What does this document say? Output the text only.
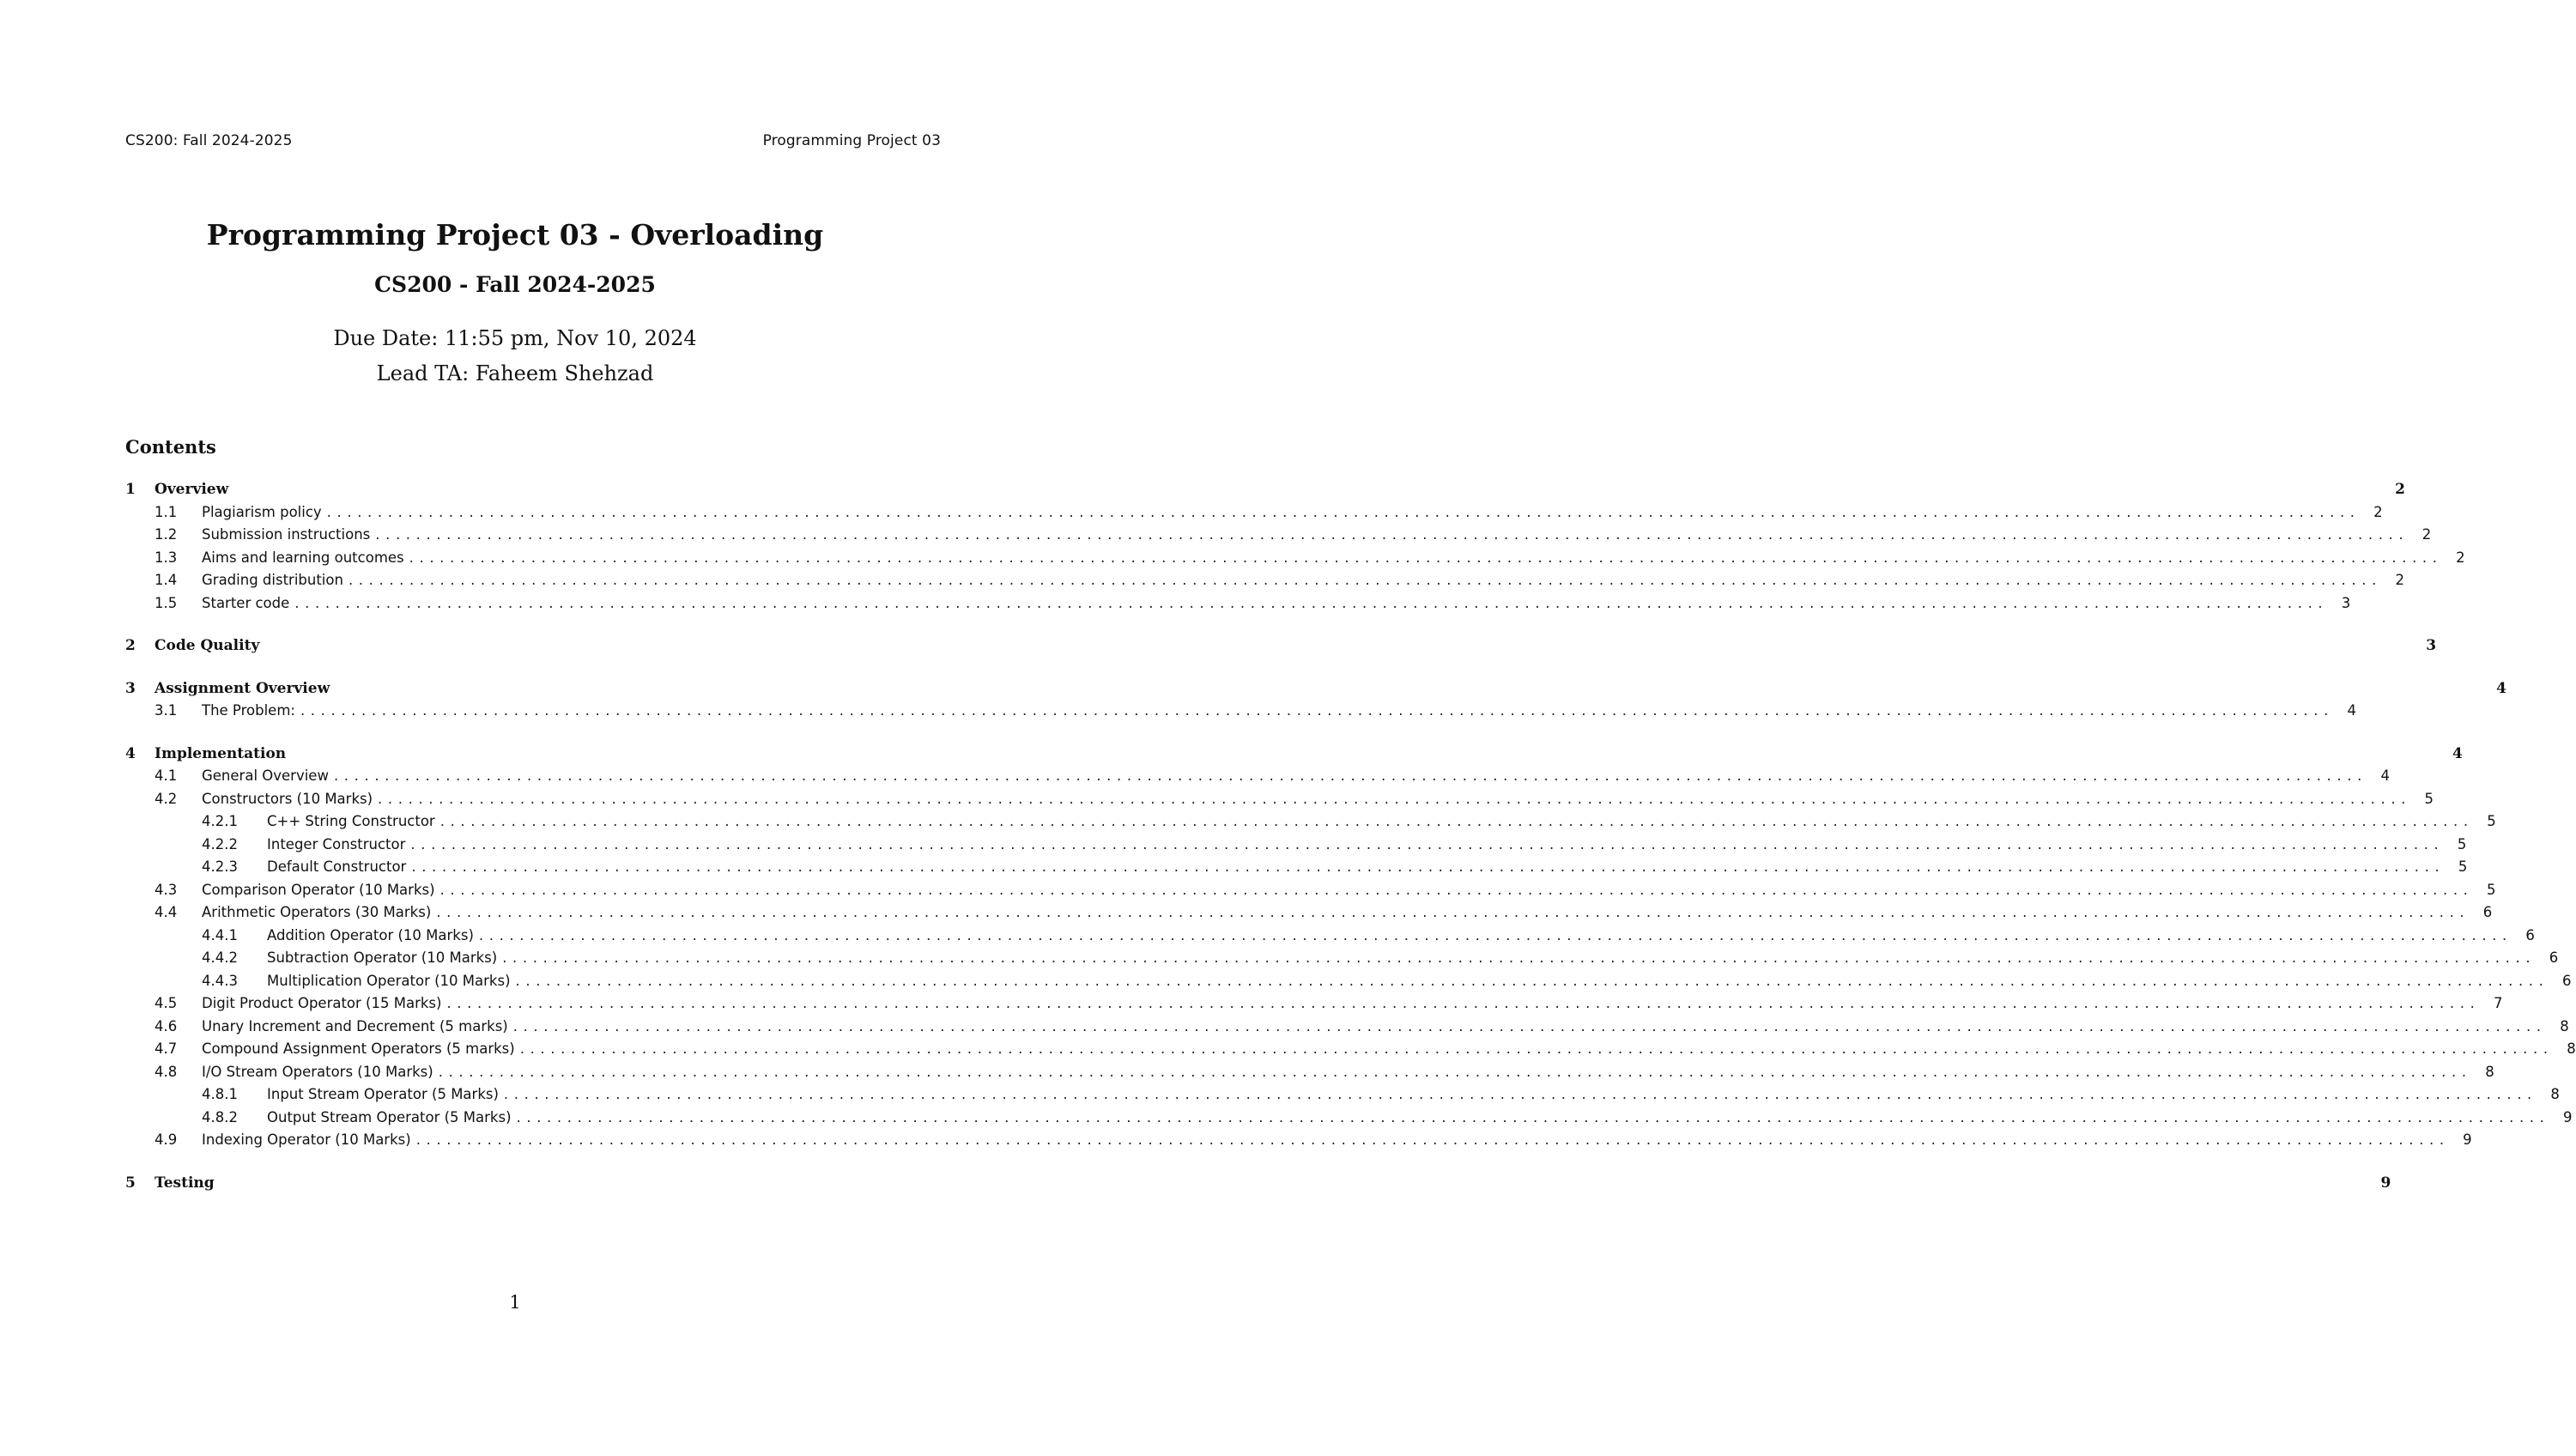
CS200: Fall 2024-2025	Programming Project 03
Programming Project 03 - Overloading
CS200 - Fall 2024-2025
Due Date: 11:55 pm, Nov 10, 2024
Lead TA: Faheem Shehzad
Contents
1	Overview	2
1.1	Plagiarism policy ........................................................................................................................................................................................................ 2
1.2	Submission instructions ........................................................................................................................................................................................................ 2
1.3	Aims and learning outcomes ........................................................................................................................................................................................................ 2
1.4	Grading distribution ........................................................................................................................................................................................................ 2
1.5	Starter code ........................................................................................................................................................................................................ 3
2	Code Quality	3
3	Assignment Overview	4
3.1	The Problem: ........................................................................................................................................................................................................ 4
4	Implementation	4
4.1	General Overview ........................................................................................................................................................................................................ 4
4.2	Constructors (10 Marks) ........................................................................................................................................................................................................ 5
4.2.1	C++ String Constructor ........................................................................................................................................................................................................ 5
4.2.2	Integer Constructor ........................................................................................................................................................................................................ 5
4.2.3	Default Constructor ........................................................................................................................................................................................................ 5
4.3	Comparison Operator (10 Marks) ........................................................................................................................................................................................................ 5
4.4	Arithmetic Operators (30 Marks) ........................................................................................................................................................................................................ 6
4.4.1	Addition Operator (10 Marks) ........................................................................................................................................................................................................ 6
4.4.2	Subtraction Operator (10 Marks) ........................................................................................................................................................................................................ 6
4.4.3	Multiplication Operator (10 Marks) ........................................................................................................................................................................................................ 6
4.5	Digit Product Operator (15 Marks) ........................................................................................................................................................................................................ 7
4.6	Unary Increment and Decrement (5 marks) ........................................................................................................................................................................................................ 8
4.7	Compound Assignment Operators (5 marks) ........................................................................................................................................................................................................ 8
4.8	I/O Stream Operators (10 Marks) ........................................................................................................................................................................................................ 8
4.8.1	Input Stream Operator (5 Marks) ........................................................................................................................................................................................................ 8
4.8.2	Output Stream Operator (5 Marks) ........................................................................................................................................................................................................ 9
4.9	Indexing Operator (10 Marks) ........................................................................................................................................................................................................ 9
5	Testing	9
1
